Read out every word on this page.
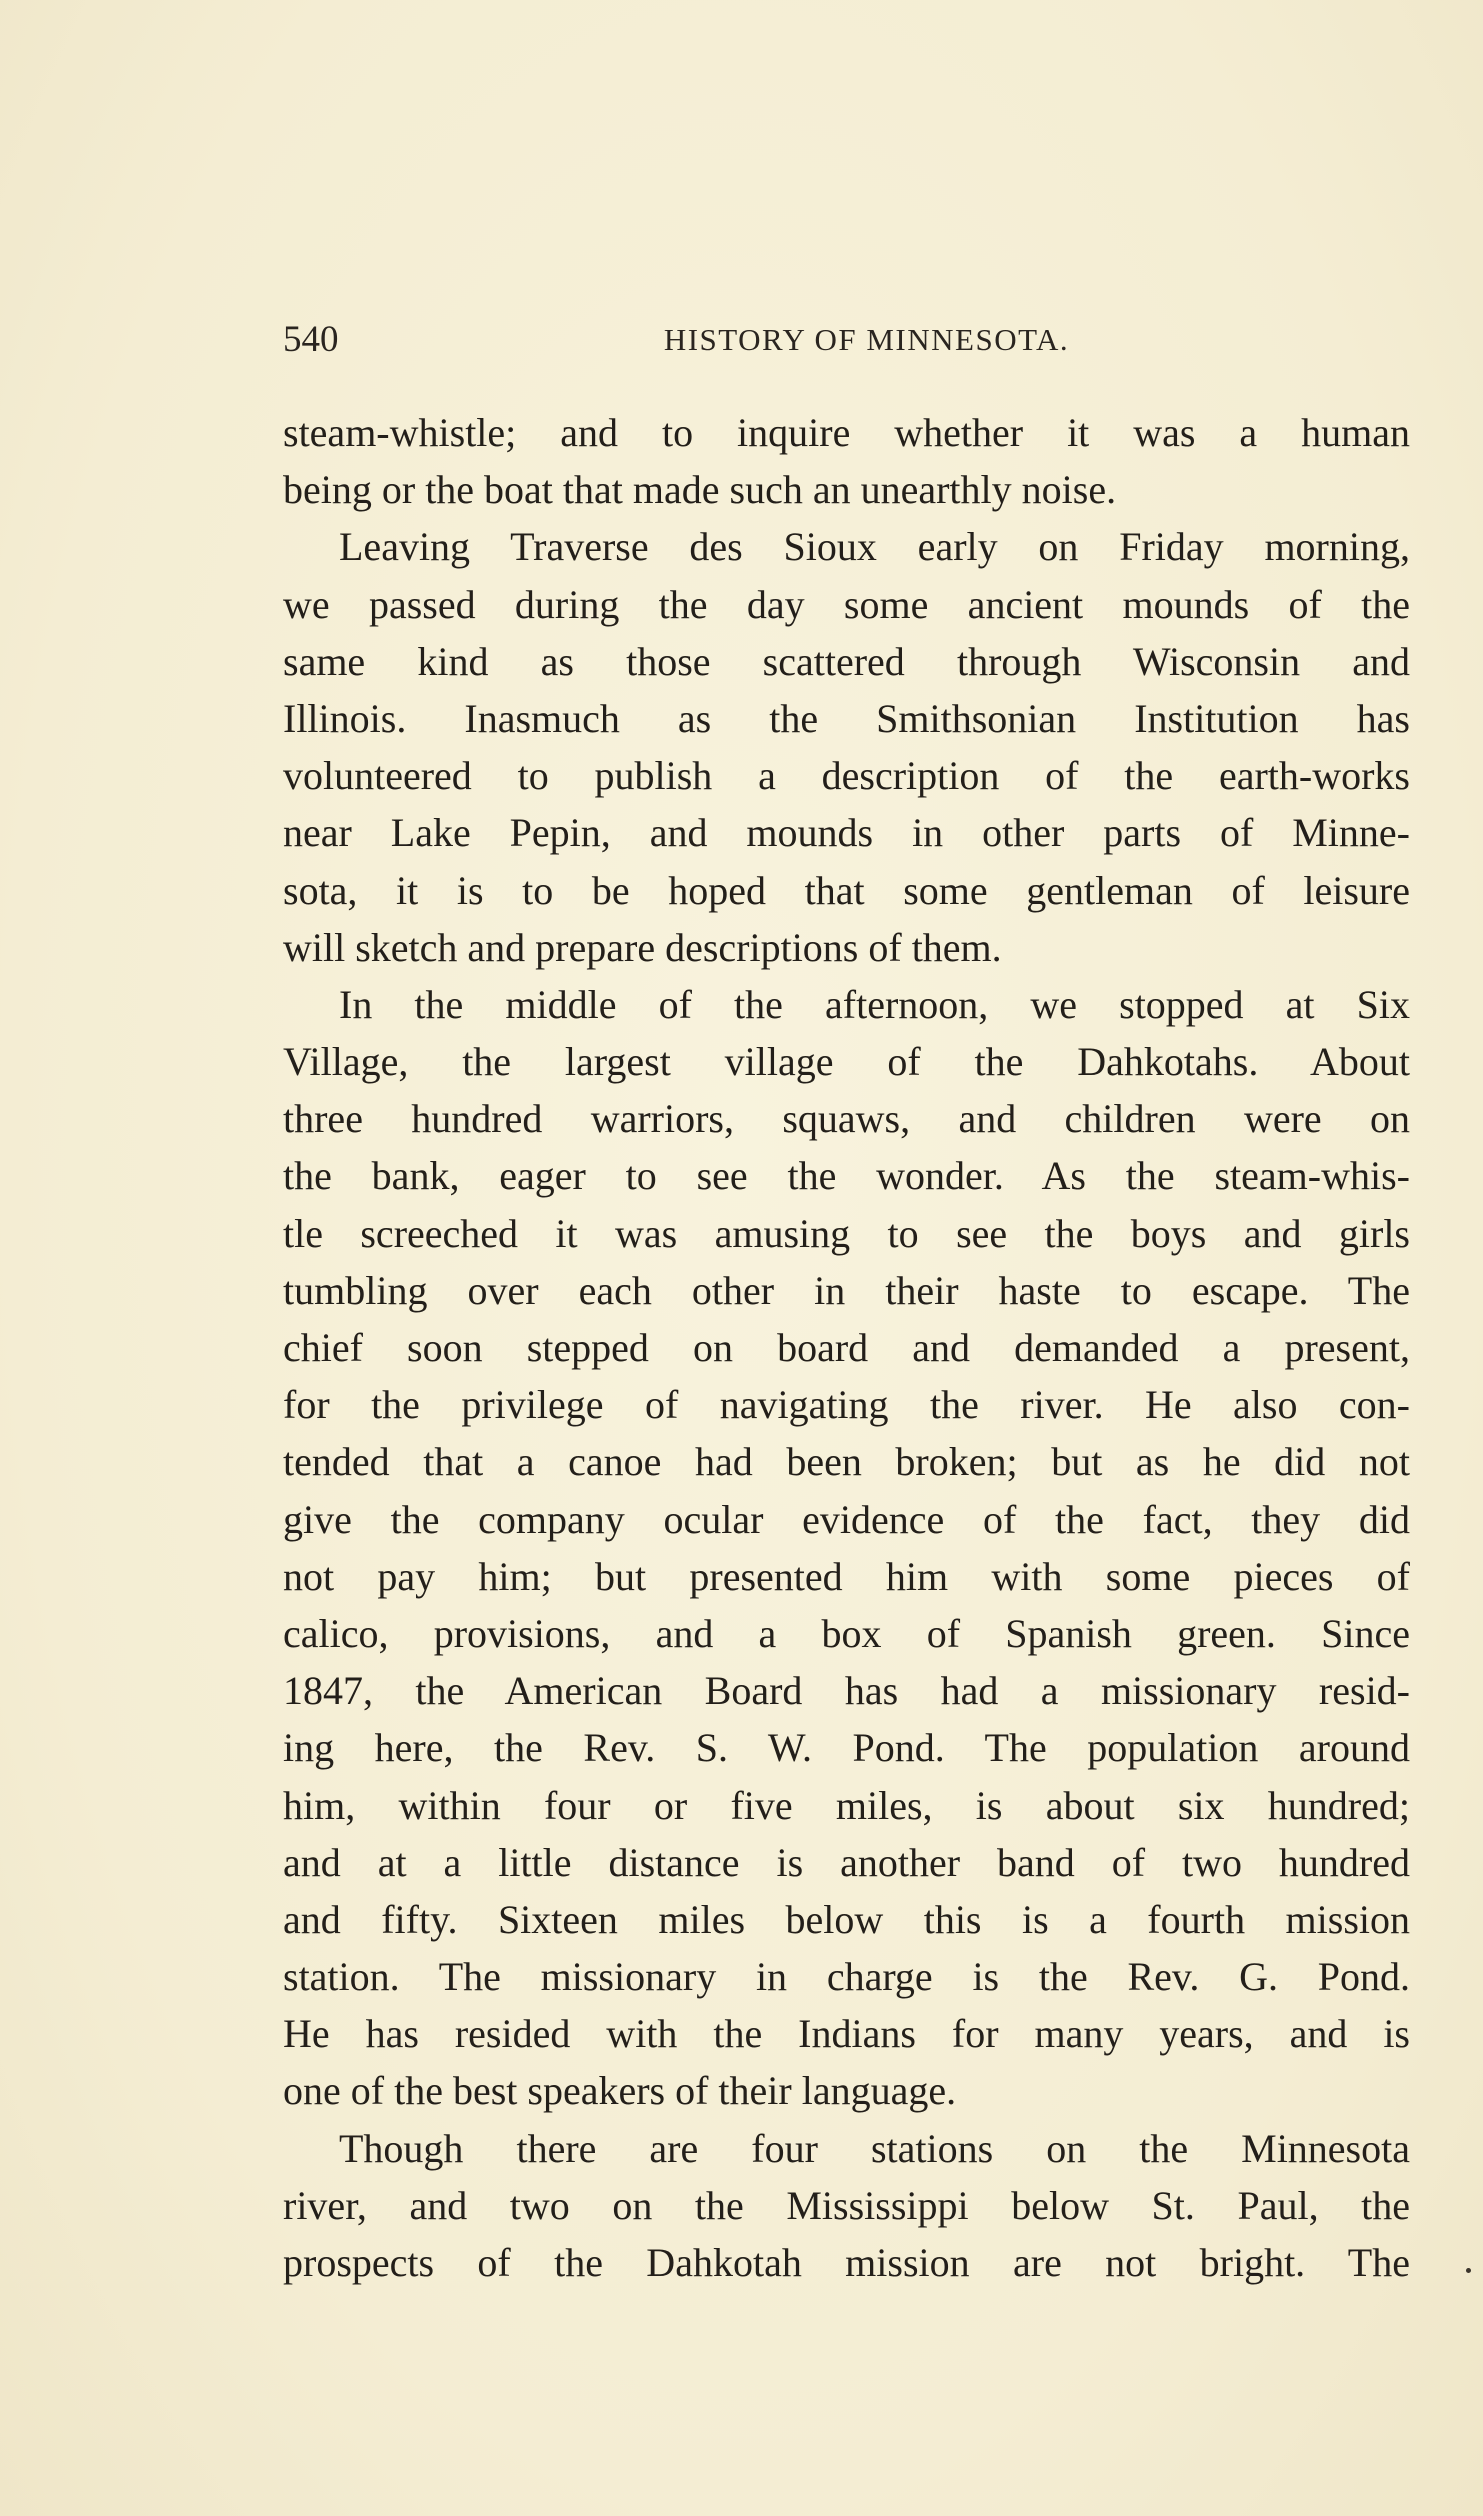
540	HISTORY OF MINNESOTA.
steam-whistle; and to inquire whether it was a human
being or the boat that made such an unearthly noise.
Leaving Traverse des Sioux early on Friday morning,
we passed during the day some ancient mounds of the
same kind as those scattered through Wisconsin and
Illinois. Inasmuch as the Smithsonian Institution has
volunteered to publish a description of the earth-works
near Lake Pepin, and mounds in other parts of Minne-
sota, it is to be hoped that some gentleman of leisure
will sketch and prepare descriptions of them.
In the middle of the afternoon, we stopped at Six
Village, the largest village of the Dahkotahs. About
three hundred warriors, squaws, and children were on
the bank, eager to see the wonder. As the steam-whis-
tle screeched it was amusing to see the boys and girls
tumbling over each other in their haste to escape. The
chief soon stepped on board and demanded a present,
for the privilege of navigating the river. He also con-
tended that a canoe had been broken; but as he did not
give the company ocular evidence of the fact, they did
not pay him; but presented him with some pieces of
calico, provisions, and a box of Spanish green. Since
1847, the American Board has had a missionary resid-
ing here, the Rev. S. W. Pond. The population around
him, within four or five miles, is about six hundred;
and at a little distance is another band of two hundred
and fifty. Sixteen miles below this is a fourth mission
station. The missionary in charge is the Rev. G. Pond.
He has resided with the Indians for many years, and is
one of the best speakers of their language.
Though there are four stations on the Minnesota
river, and two on the Mississippi below St. Paul, the
prospects of the Dahkotah mission are not bright. The
